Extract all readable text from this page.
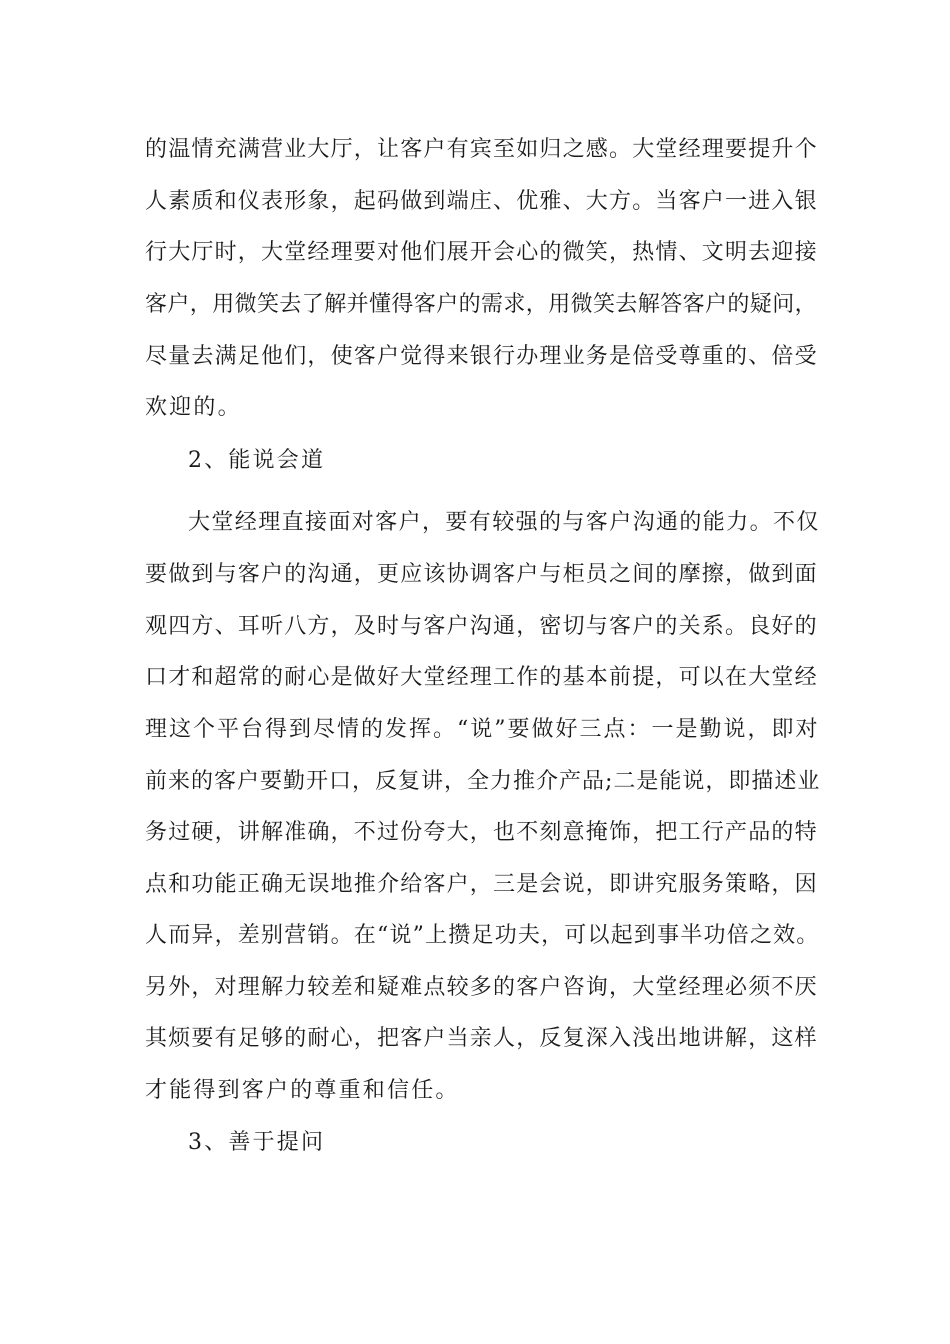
的温情充满营业大厅，让客户有宾至如归之感。大堂经理要提升个
人素质和仪表形象，起码做到端庄、优雅、大方。当客户一进入银
行大厅时，大堂经理要对他们展开会心的微笑，热情、文明去迎接
客户，用微笑去了解并懂得客户的需求，用微笑去解答客户的疑问，
尽量去满足他们，使客户觉得来银行办理业务是倍受尊重的、倍受
欢迎的。
2、能说会道
大堂经理直接面对客户，要有较强的与客户沟通的能力。不仅
要做到与客户的沟通，更应该协调客户与柜员之间的摩擦，做到面
观四方、耳听八方，及时与客户沟通，密切与客户的关系。良好的
口才和超常的耐心是做好大堂经理工作的基本前提，可以在大堂经
理这个平台得到尽情的发挥。“说”要做好三点：一是勤说，即对
前来的客户要勤开口，反复讲，全力推介产品;二是能说，即描述业
务过硬，讲解准确，不过份夸大，也不刻意掩饰，把工行产品的特
点和功能正确无误地推介给客户，三是会说，即讲究服务策略，因
人而异，差别营销。在“说”上攒足功夫，可以起到事半功倍之效。
另外，对理解力较差和疑难点较多的客户咨询，大堂经理必须不厌
其烦要有足够的耐心，把客户当亲人，反复深入浅出地讲解，这样
才能得到客户的尊重和信任。
3、善于提问
